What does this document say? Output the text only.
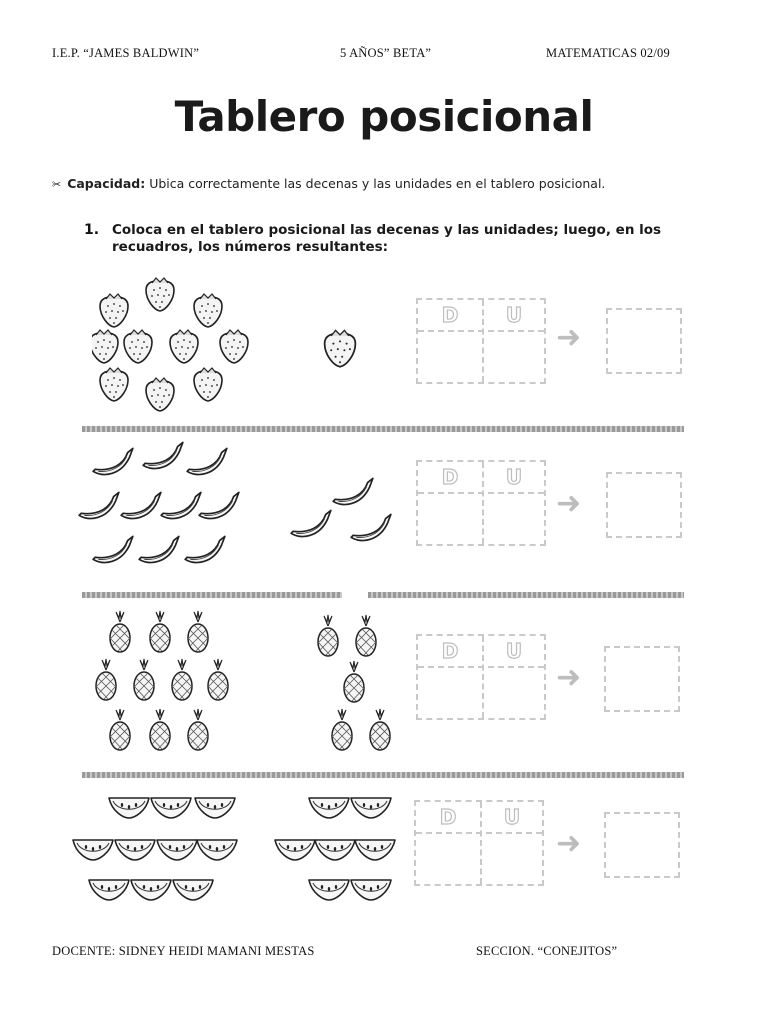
I.E.P. “JAMES BALDWIN”	5 AÑOS” BETA”	MATEMATICAS 02/09
Tablero posicional
✂ Capacidad: Ubica correctamente las decenas y las unidades en el tablero posicional.
1. Coloca en el tablero posicional las decenas y las unidades; luego, en los recuadros, los números resultantes:
D	U
➜
D	U
➜
D	U
➜
D	U
➜
DOCENTE: SIDNEY HEIDI MAMANI MESTAS	SECCION. “CONEJITOS”
